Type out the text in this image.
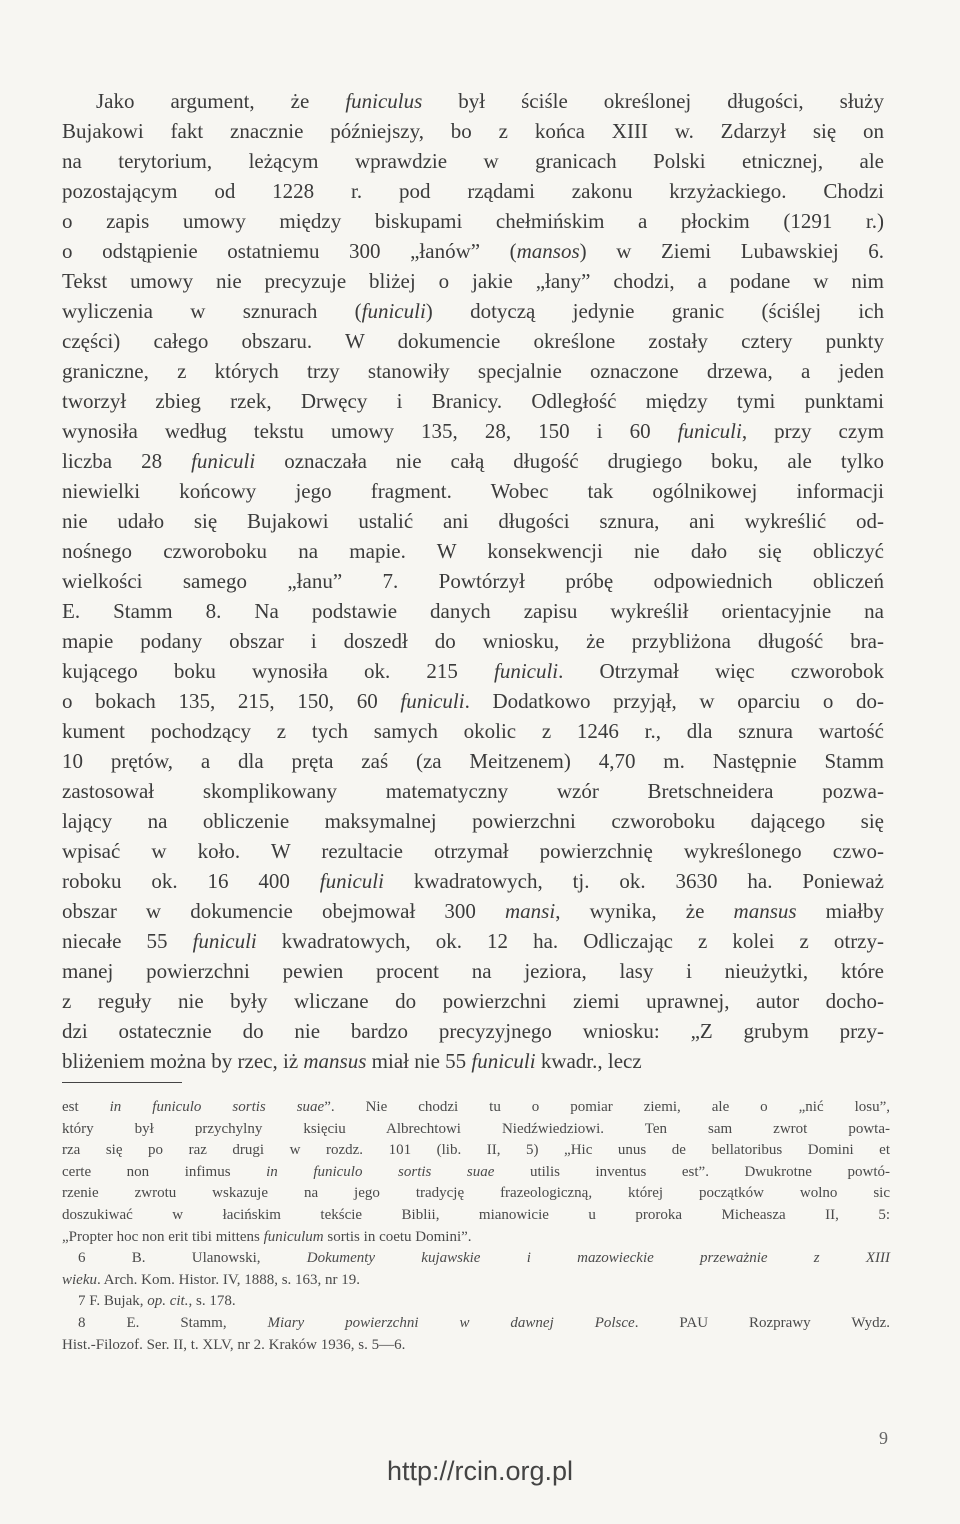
Jako argument, że funiculus był ściśle określonej długości, służy
Bujakowi fakt znacznie późniejszy, bo z końca XIII w. Zdarzył się on
na terytorium, leżącym wprawdzie w granicach Polski etnicznej, ale
pozostającym od 1228 r. pod rządami zakonu krzyżackiego. Chodzi
o zapis umowy między biskupami chełmińskim a płockim (1291 r.)
o odstąpienie ostatniemu 300 „łanów” (mansos) w Ziemi Lubawskiej 6.
Tekst umowy nie precyzuje bliżej o jakie „łany” chodzi, a podane w nim
wyliczenia w sznurach (funiculi) dotyczą jedynie granic (ściślej ich
części) całego obszaru. W dokumencie określone zostały cztery punkty
graniczne, z których trzy stanowiły specjalnie oznaczone drzewa, a jeden
tworzył zbieg rzek, Drwęcy i Branicy. Odległość między tymi punktami
wynosiła według tekstu umowy 135, 28, 150 i 60 funiculi, przy czym
liczba 28 funiculi oznaczała nie całą długość drugiego boku, ale tylko
niewielki końcowy jego fragment. Wobec tak ogólnikowej informacji
nie udało się Bujakowi ustalić ani długości sznura, ani wykreślić od-
nośnego czworoboku na mapie. W konsekwencji nie dało się obliczyć
wielkości samego „łanu” 7. Powtórzył próbę odpowiednich obliczeń
E. Stamm 8. Na podstawie danych zapisu wykreślił orientacyjnie na
mapie podany obszar i doszedł do wniosku, że przybliżona długość bra-
kującego boku wynosiła ok. 215 funiculi. Otrzymał więc czworobok
o bokach 135, 215, 150, 60 funiculi. Dodatkowo przyjął, w oparciu o do-
kument pochodzący z tych samych okolic z 1246 r., dla sznura wartość
10 prętów, a dla pręta zaś (za Meitzenem) 4,70 m. Następnie Stamm
zastosował skomplikowany matematyczny wzór Bretschneidera pozwa-
lający na obliczenie maksymalnej powierzchni czworoboku dającego się
wpisać w koło. W rezultacie otrzymał powierzchnię wykreślonego czwo-
roboku ok. 16 400 funiculi kwadratowych, tj. ok. 3630 ha. Ponieważ
obszar w dokumencie obejmował 300 mansi, wynika, że mansus miałby
niecałe 55 funiculi kwadratowych, ok. 12 ha. Odliczając z kolei z otrzy-
manej powierzchni pewien procent na jeziora, lasy i nieużytki, które
z reguły nie były wliczane do powierzchni ziemi uprawnej, autor docho-
dzi ostatecznie do nie bardzo precyzyjnego wniosku: „Z grubym przy-
bliżeniem można by rzec, iż mansus miał nie 55 funiculi kwadr., lecz
est in funiculo sortis suae”. Nie chodzi tu o pomiar ziemi, ale o „nić losu”,
który był przychylny księciu Albrechtowi Niedźwiedziowi. Ten sam zwrot powta-
rza się po raz drugi w rozdz. 101 (lib. II, 5) „Hic unus de bellatoribus Domini et
certe non infimus in funiculo sortis suae utilis inventus est”. Dwukrotne powtó-
rzenie zwrotu wskazuje na jego tradycję frazeologiczną, której początków wolno sic
doszukiwać w łacińskim tekście Biblii, mianowicie u proroka Micheasza II, 5:
„Propter hoc non erit tibi mittens funiculum sortis in coetu Domini”.
6 B. Ulanowski, Dokumenty kujawskie i mazowieckie przeważnie z XIII
wieku. Arch. Kom. Histor. IV, 1888, s. 163, nr 19.
7 F. Bujak, op. cit., s. 178.
8 E. Stamm, Miary powierzchni w dawnej Polsce. PAU Rozprawy Wydz.
Hist.-Filozof. Ser. II, t. XLV, nr 2. Kraków 1936, s. 5—6.
9
http://rcin.org.pl
